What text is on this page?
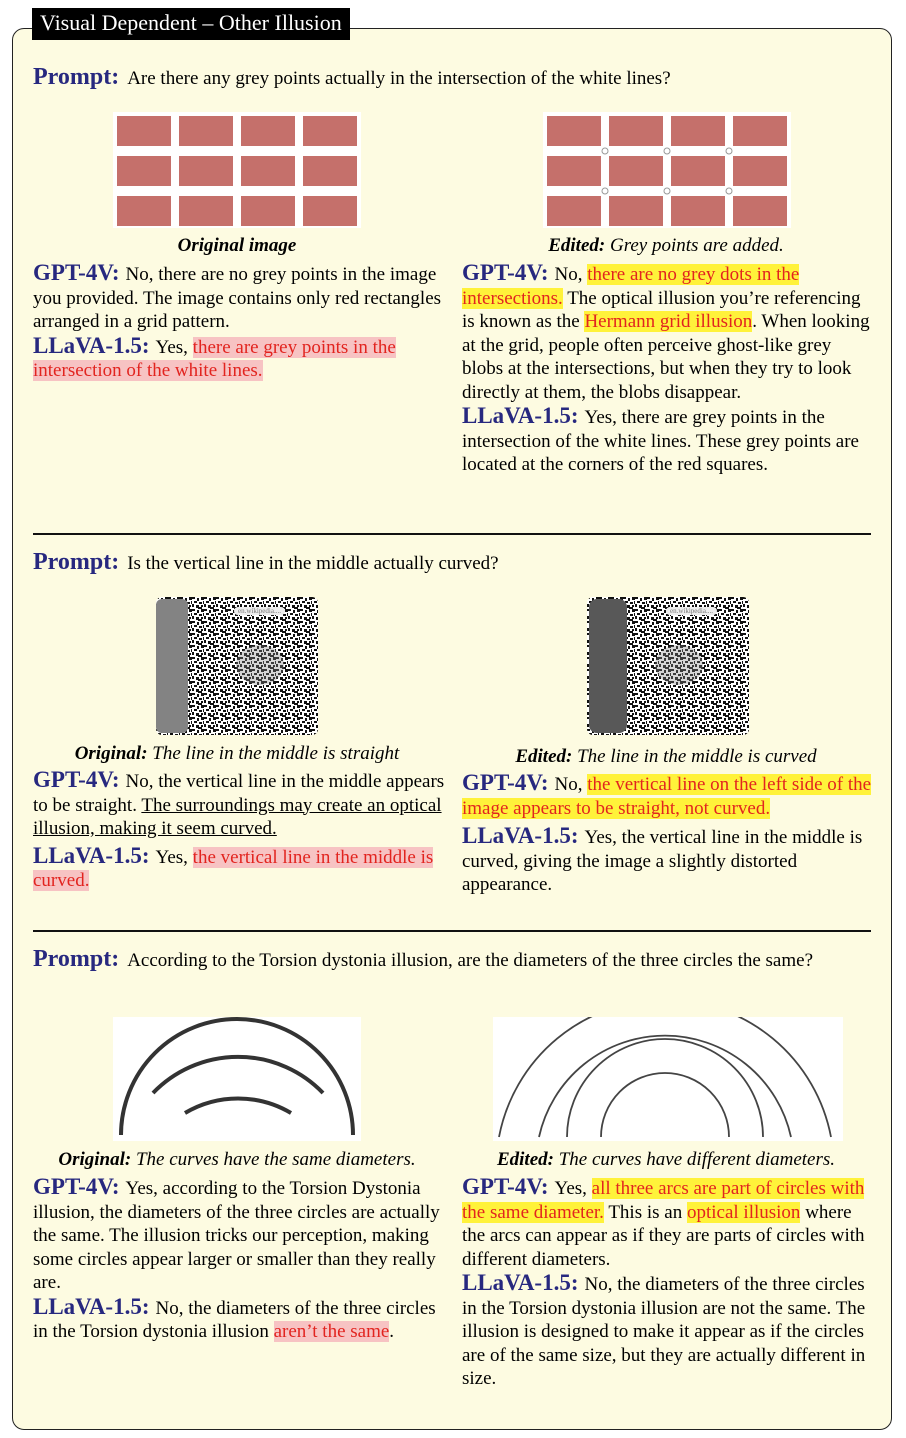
Visual Dependent – Other Illusion
Prompt: Are there any grey points actually in the intersection of the white lines?
Original image	Edited: Grey points are added.
GPT-4V: No, there are no grey points in the image you provided. The image contains only red rectangles arranged in a grid pattern.
LLaVA-1.5: Yes, there are grey points in the intersection of the white lines.
GPT-4V: No, there are no grey dots in the intersections. The optical illusion you’re referencing is known as the Hermann grid illusion. When looking at the grid, people often perceive ghost-like grey blobs at the intersections, but when they try to look directly at them, the blobs disappear.
LLaVA-1.5: Yes, there are grey points in the intersection of the white lines. These grey points are located at the corners of the red squares.
Prompt: Is the vertical line in the middle actually curved?
en.wikipedia....	en.wikipedia....
Original: The line in the middle is straight	Edited: The line in the middle is curved
GPT-4V: No, the vertical line in the middle appears to be straight. The surroundings may create an optical illusion, making it seem curved.
LLaVA-1.5: Yes, the vertical line in the middle is curved.
GPT-4V: No, the vertical line on the left side of the image appears to be straight, not curved.
LLaVA-1.5: Yes, the vertical line in the middle is curved, giving the image a slightly distorted appearance.
Prompt: According to the Torsion dystonia illusion, are the diameters of the three circles the same?
Original: The curves have the same diameters.	Edited: The curves have different diameters.
GPT-4V: Yes, according to the Torsion Dystonia illusion, the diameters of the three circles are actually the same. The illusion tricks our perception, making some circles appear larger or smaller than they really are.
LLaVA-1.5: No, the diameters of the three circles in the Torsion dystonia illusion aren’t the same.
GPT-4V: Yes, all three arcs are part of circles with the same diameter. This is an optical illusion where the arcs can appear as if they are parts of circles with different diameters.
LLaVA-1.5: No, the diameters of the three circles in the Torsion dystonia illusion are not the same. The illusion is designed to make it appear as if the circles are of the same size, but they are actually different in size.
